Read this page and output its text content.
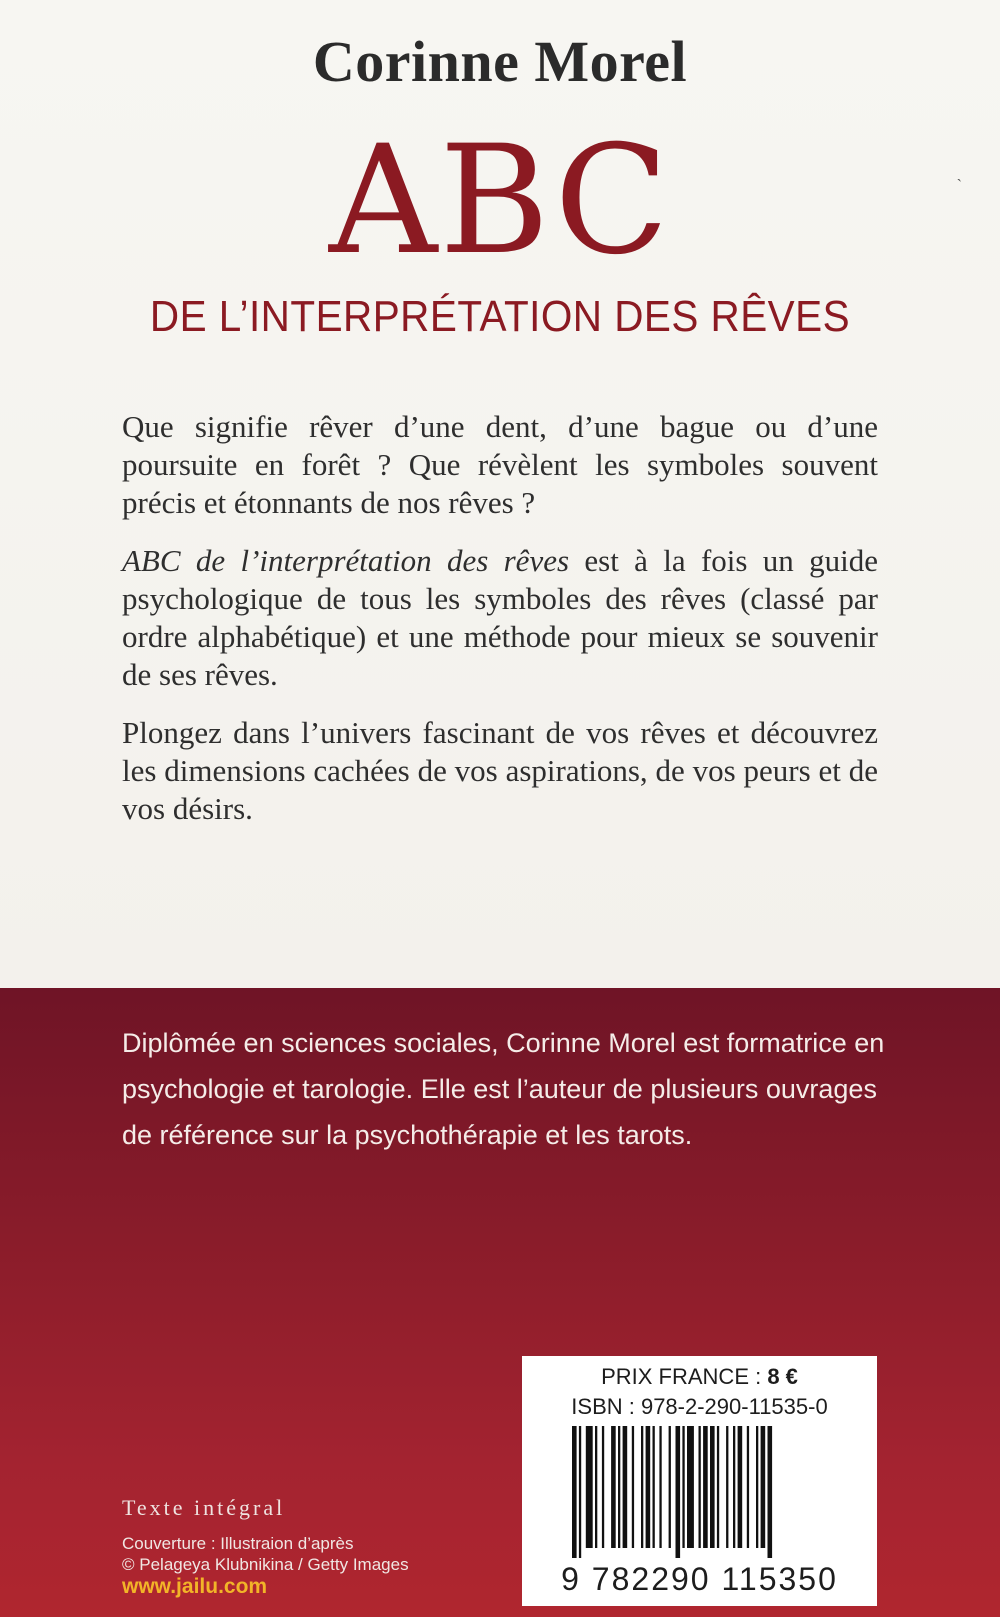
Corinne Morel
ABC
DE L’INTERPRÉTATION DES RÊVES
ˎ

Que signifie rêver d’une dent, d’une bague ou d’une poursuite en forêt ? Que révèlent les symboles souvent précis et étonnants de nos rêves ?

ABC de l’interprétation des rêves est à la fois un guide psychologique de tous les symboles des rêves (classé par ordre alphabétique) et une méthode pour mieux se souvenir de ses rêves.

Plongez dans l’univers fascinant de vos rêves et découvrez les dimensions cachées de vos aspirations, de vos peurs et de vos désirs.

Diplômée en sciences sociales, Corinne Morel est formatrice en psychologie et tarologie. Elle est l’auteur de plusieurs ouvrages de référence sur la psychothérapie et les tarots.
Texte intégral
Couverture : Illustraion d’après
© Pelageya Klubnikina / Getty Images
www.jailu.com
PRIX FRANCE : 8 €
ISBN : 978-2-290-11535-0
9 782290 115350
